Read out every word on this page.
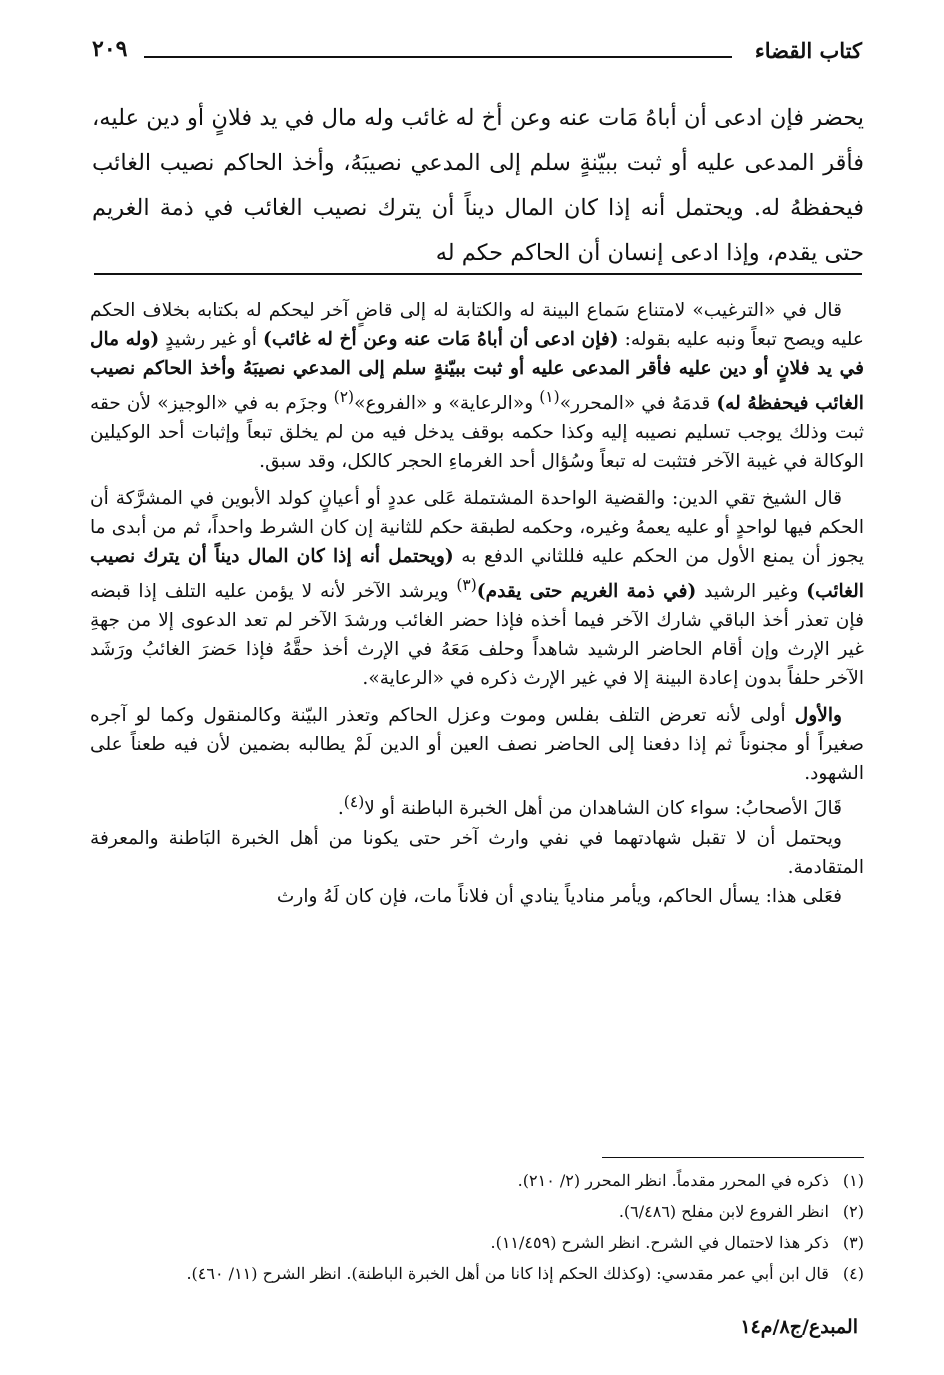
كتاب القضاء
٢٠٩
يحضر فإن ادعى أن أباهُ مَات عنه وعن أخ له غائب وله مال في يد فلانٍ أو دين عليه، فأقر المدعى عليه أو ثبت ببيّنةٍ سلم إلى المدعي نصيبَهُ، وأخذ الحاكم نصيب الغائب فيحفظهُ له. ويحتمل أنه إذا كان المال ديناً أن يترك نصيب الغائب في ذمة الغريم حتى يقدم، وإذا ادعى إنسان أن الحاكم حكم له

قال في «الترغيب» لامتناع سَماع البينة له والكتابة له إلى قاضٍ آخر ليحكم له بكتابه بخلاف الحكم عليه ويصح تبعاً ونبه عليه بقوله: (فإن ادعى أن أباهُ مَات عنه وعن أخ له غائب) أو غير رشيدٍ (وله مال في يد فلانٍ أو دين عليه فأقر المدعى عليه أو ثبت ببيّنةٍ سلم إلى المدعي نصيبَهُ وأخذ الحاكم نصيب الغائب فيحفظهُ له) قدمَهُ في «المحرر»$^{(١)}$ و«الرعاية» و «الفروع»$^{(٢)}$ وجزَم به في «الوجيز» لأن حقه ثبت وذلك يوجب تسليم نصيبه إليه وكذا حكمه بوقف يدخل فيه من لم يخلق تبعاً وإثبات أحد الوكيلين الوكالة في غيبة الآخر فتثبت له تبعاً وسُؤال أحد الغرماءِ الحجر كالكل، وقد سبق.

قال الشيخ تقي الدين: والقضية الواحدة المشتملة عَلى عددٍ أو أعيانٍ كولد الأبوين في المشرَّكة أن الحكم فيها لواحدٍ أو عليه يعمهُ وغيره، وحكمه لطبقة حكم للثانية إن كان الشرط واحداً، ثم من أبدى ما يجوز أن يمنع الأول من الحكم عليه فللثاني الدفع به (ويحتمل أنه إذا كان المال ديناً أن يترك نصيب الغائب) وغير الرشيد (في ذمة الغريم حتى يقدم)$^{(٣)}$ ويرشد الآخر لأنه لا يؤمن عليه التلف إذا قبضه فإن تعذر أخذ الباقي شارك الآخر فيما أخذه فإذا حضر الغائب ورشدَ الآخر لم تعد الدعوى إلا من جهةِ غير الإرث وإن أقام الحاضر الرشيد شاهداً وحلف مَعَهُ في الإرث أخذ حقَّهُ فإذا حَضرَ الغائبُ ورَشَد الآخر حلفاً بدون إعادة البينة إلا في غير الإرث ذكره في «الرعاية».

والأول أولى لأنه تعرض التلف بفلس وموت وعزل الحاكم وتعذر البيّنة وكالمنقول وكما لو آجره صغيراً أو مجنوناً ثم إذا دفعنا إلى الحاضر نصف العين أو الدين لَمْ يطالبه بضمين لأن فيه طعناً على الشهود.

قَالَ الأصحابُ: سواء كان الشاهدان من أهل الخبرة الباطنة أو لا$^{(٤)}$.

ويحتمل أن لا تقبل شهادتهما في نفي وارث آخر حتى يكونا من أهل الخبرة البَاطنة والمعرفة المتقادمة.

فعَلى هذا: يسأل الحاكم، ويأمر منادياً ينادي أن فلاناً مات، فإن كان لَهُ وارث

(١) ذكره في المحرر مقدماً. انظر المحرر (٢/ ٢١٠).
(٢) انظر الفروع لابن مفلح (٦/٤٨٦).
(٣) ذكر هذا لاحتمال في الشرح. انظر الشرح (١١/٤٥٩).
(٤) قال ابن أبي عمر مقدسي: (وكذلك الحكم إذا كانا من أهل الخبرة الباطنة). انظر الشرح (١١/ ٤٦٠).
المبدع/ج٨/م١٤
